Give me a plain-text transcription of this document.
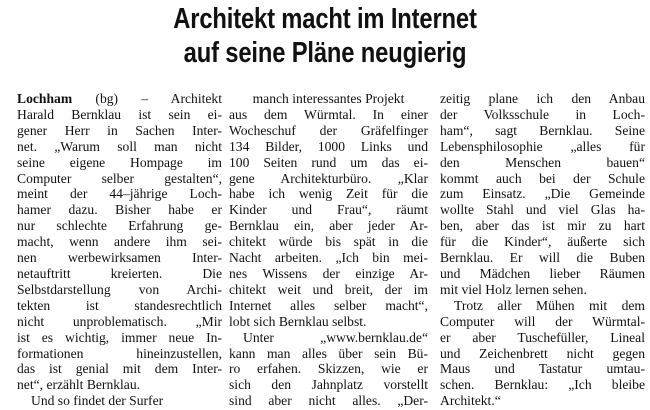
Architekt macht im Internet
auf seine Pläne neugierig
Lochham (bg) – Architekt
Harald Bernklau ist sein ei-
gener Herr in Sachen Inter-
net. „Warum soll man nicht
seine eigene Hompage im
Computer selber gestalten“,
meint der 44–jährige Loch-
hamer dazu. Bisher habe er
nur schlechte Erfahrung ge-
macht, wenn andere ihm sei-
nen werbewirksamen Inter-
netauftritt kreierten. Die
Selbstdarstellung von Archi-
tekten ist standesrechtlich
nicht unproblematisch. „Mir
ist es wichtig, immer neue In-
formationen hineinzustellen,
das ist genial mit dem Inter-
net“, erzählt Bernklau.
Und so findet der Surfer
manch interessantes Projekt
aus dem Würmtal. In einer
Wocheschuf der Gräfelfinger
134 Bilder, 1000 Links und
100 Seiten rund um das ei-
gene Architekturbüro. „Klar
habe ich wenig Zeit für die
Kinder und Frau“, räumt
Bernklau ein, aber jeder Ar-
chitekt würde bis spät in die
Nacht arbeiten. „Ich bin mei-
nes Wissens der einzige Ar-
chitekt weit und breit, der im
Internet alles selber macht“,
lobt sich Bernklau selbst.
Unter „www.bernklau.de“
kann man alles über sein Bü-
ro erfahen. Skizzen, wie er
sich den Jahnplatz vorstellt
sind aber nicht alles. „Der-
zeitig plane ich den Anbau
der Volksschule in Loch-
ham“, sagt Bernklau. Seine
Lebensphilosophie „alles für
den Menschen bauen“
kommt auch bei der Schule
zum Einsatz. „Die Gemeinde
wollte Stahl und viel Glas ha-
ben, aber das ist mir zu hart
für die Kinder“, äußerte sich
Bernklau. Er will die Buben
und Mädchen lieber Räumen
mit viel Holz lernen sehen.
Trotz aller Mühen mit dem
Computer will der Würmtal-
er aber Tuschefüller, Lineal
und Zeichenbrett nicht gegen
Maus und Tastatur umtau-
schen. Bernklau: „Ich bleibe
Architekt.“
